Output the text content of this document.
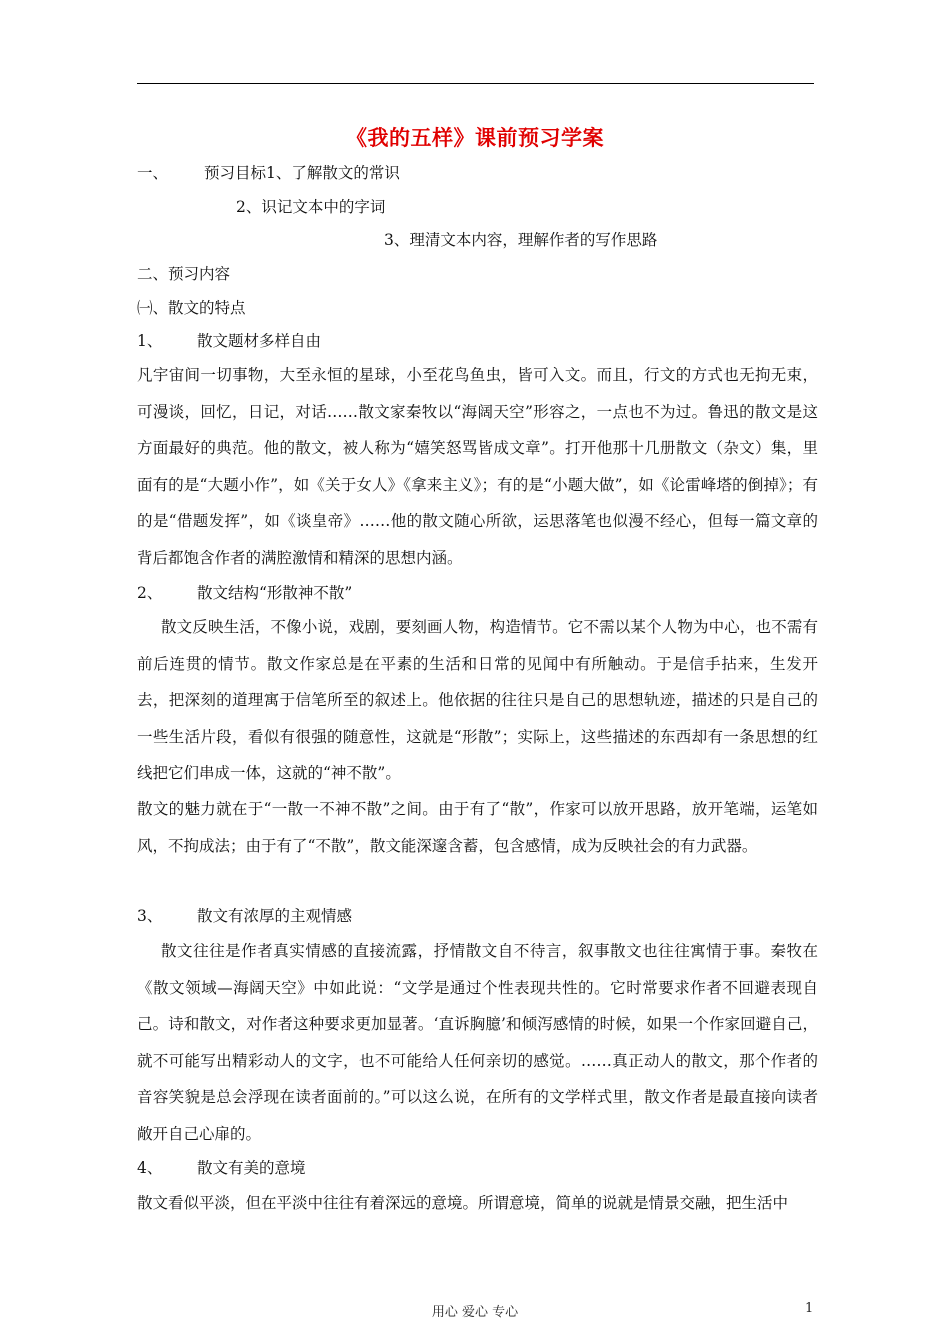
《我的五样》课前预习学案
一、 预习目标1、了解散文的常识
2、识记文本中的字词
3、理清文本内容，理解作者的写作思路
二、预习内容
㈠、散文的特点
1、 散文题材多样自由
凡宇宙间一切事物，大至永恒的星球，小至花鸟鱼虫，皆可入文。而且，行文的方式也无拘无束，可漫谈，回忆，日记，对话……散文家秦牧以“海阔天空”形容之，一点也不为过。鲁迅的散文是这方面最好的典范。他的散文，被人称为“嬉笑怒骂皆成文章”。打开他那十几册散文（杂文）集，里面有的是“大题小作”，如《关于女人》《拿来主义》；有的是“小题大做”，如《论雷峰塔的倒掉》；有的是“借题发挥”，如《谈皇帝》……他的散文随心所欲，运思落笔也似漫不经心，但每一篇文章的背后都饱含作者的满腔激情和精深的思想内涵。
2、 散文结构“形散神不散”
散文反映生活，不像小说，戏剧，要刻画人物，构造情节。它不需以某个人物为中心，也不需有前后连贯的情节。散文作家总是在平素的生活和日常的见闻中有所触动。于是信手拈来，生发开去，把深刻的道理寓于信笔所至的叙述上。他依据的往往只是自己的思想轨迹，描述的只是自己的一些生活片段，看似有很强的随意性，这就是“形散”；实际上，这些描述的东西却有一条思想的红线把它们串成一体，这就的“神不散”。
散文的魅力就在于“一散一不神不散”之间。由于有了“散”，作家可以放开思路，放开笔端，运笔如风，不拘成法；由于有了“不散”，散文能深邃含蓄，包含感情，成为反映社会的有力武器。
3、 散文有浓厚的主观情感
散文往往是作者真实情感的直接流露，抒情散文自不待言，叙事散文也往往寓情于事。秦牧在《散文领域—海阔天空》中如此说：“文学是通过个性表现共性的。它时常要求作者不回避表现自己。诗和散文，对作者这种要求更加显著。‘直诉胸臆’和倾泻感情的时候，如果一个作家回避自己，就不可能写出精彩动人的文字，也不可能给人任何亲切的感觉。……真正动人的散文，那个作者的音容笑貌是总会浮现在读者面前的。”可以这么说，在所有的文学样式里，散文作者是最直接向读者敞开自己心扉的。
4、 散文有美的意境
散文看似平淡，但在平淡中往往有着深远的意境。所谓意境，简单的说就是情景交融，把生活中
用心 爱心 专心	1
